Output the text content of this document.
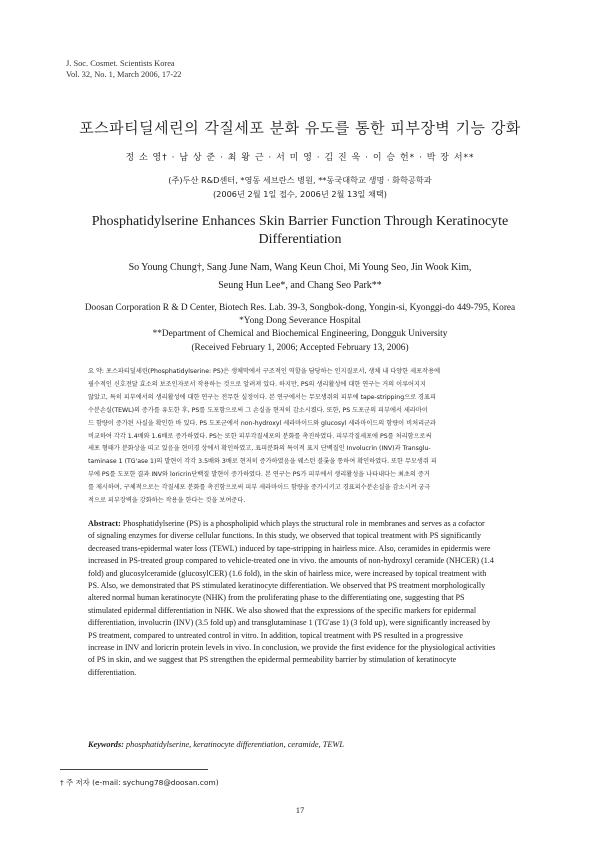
J. Soc. Cosmet. Scientists Korea
Vol. 32, No. 1, March 2006, 17-22
포스파티딜세린의 각질세포 분화 유도를 통한 피부장벽 기능 강화
정 소 영† · 남 상 준 · 최 왕 근 · 서 미 영 · 김 진 욱 · 이 승 헌* · 박 장 서**
(주)두산 R&D센터, *영동 세브란스 병원, **동국대학교 생명 · 화학공학과
(2006년 2월 1일 접수, 2006년 2월 13일 채택)
Phosphatidylserine Enhances Skin Barrier Function Through Keratinocyte
Differentiation
So Young Chung†, Sang June Nam, Wang Keun Choi, Mi Young Seo, Jin Wook Kim,
Seung Hun Lee*, and Chang Seo Park**
Doosan Corporation R & D Center, Biotech Res. Lab. 39-3, Songbok-dong, Yongin-si, Kyonggi-do 449-795, Korea
*Yong Dong Severance Hospital
**Department of Chemical and Biochemical Engineering, Dongguk University
(Received February 1, 2006; Accepted February 13, 2006)
요 약: 포스파티딜세린(Phosphatidylserine: PS)은 생체막에서 구조적인 역할을 담당하는 인지질로서, 생체 내 다양한 세포작용에
필수적인 신호전달 효소의 보조인자로서 작용하는 것으로 알려져 있다. 하지만, PS의 생리활성에 대한 연구는 거의 이루어지지
않았고, 특히 피부에서의 생리활성에 대한 연구는 전무한 실정이다. 본 연구에서는 무모생쥐의 피부에 tape-stripping으로 경표피
수분손실(TEWL)의 증가를 유도한 후, PS를 도포함으로써 그 손실을 현저히 감소시켰다. 또한, PS 도포군의 피부에서 세라마이
드 함량이 증가된 사실을 확인한 바 있다. PS 도포군에서 non-hydroxyl 세라마이드와 glucosyl 세라마이드의 함량이 비처리군과
비교하여 각각 1.4배와 1.6배로 증가하였다. PS는 또한 피부각질세포의 분화를 촉진하였다. 피부각질세포에 PS를 처리함으로써
세포 형태가 분화상을 띠고 있음을 현미경 상에서 확인하였고, 표피분화의 특이적 표지 단백질인 Involucrin (INV)과 Transglu-
taminase 1 (TG'ase 1)의 발현이 각각 3.5배와 3배로 현저히 증가하였음을 웨스턴 블롯을 통하여 확인하였다. 또한 무모생쥐 피
부에 PS를 도포한 결과 INV와 loricrin단백질 발현이 증가하였다. 본 연구는 PS가 피부에서 생리활성을 나타내다는 최초의 증거
를 제시하며, 구체적으로는 각질세포 분화를 촉진함으로써 피부 세라마이드 함량을 증가시키고 경표피수분손실을 감소시켜 궁극
적으로 피부장벽을 강화하는 작용을 한다는 것을 보여준다.
Abstract: Phosphatidylserine (PS) is a phospholipid which plays the structural role in membranes and serves as a cofactor
of signaling enzymes for diverse cellular functions. In this study, we observed that topical treatment with PS significantly
decreased trans-epidermal water loss (TEWL) induced by tape-stripping in hairless mice. Also, ceramides in epidermis were
increased in PS-treated group compared to vehicle-treated one in vivo. the amounts of non-hydroxyl ceramide (NHCER) (1.4
fold) and glucosylceramide (glucosylCER) (1.6 fold), in the skin of hairless mice, were increased by topical treatment with
PS. Also, we demonstrated that PS stimulated keratinocyte differentiation. We observed that PS treatment morphologically
altered normal human keratinocyte (NHK) from the proliferating phase to the differentiating one, suggesting that PS
stimulated epidermal differentiation in NHK. We also showed that the expressions of the specific markers for epidermal
differentiation, involucrin (INV) (3.5 fold up) and transglutaminase 1 (TG'ase 1) (3 fold up), were significantly increased by
PS treatment, compared to untreated control in vitro. In addition, topical treatment with PS resulted in a progressive
increase in INV and loricrin protein levels in vivo. In conclusion, we provide the first evidence for the physiological activities
of PS in skin, and we suggest that PS strengthen the epidermal permeability barrier by stimulation of keratinocyte
differentiation.
Keywords: phosphatidylserine, keratinocyte differentiation, ceramide, TEWL
† 주 저자 (e-mail: sychung78@doosan.com)
17
